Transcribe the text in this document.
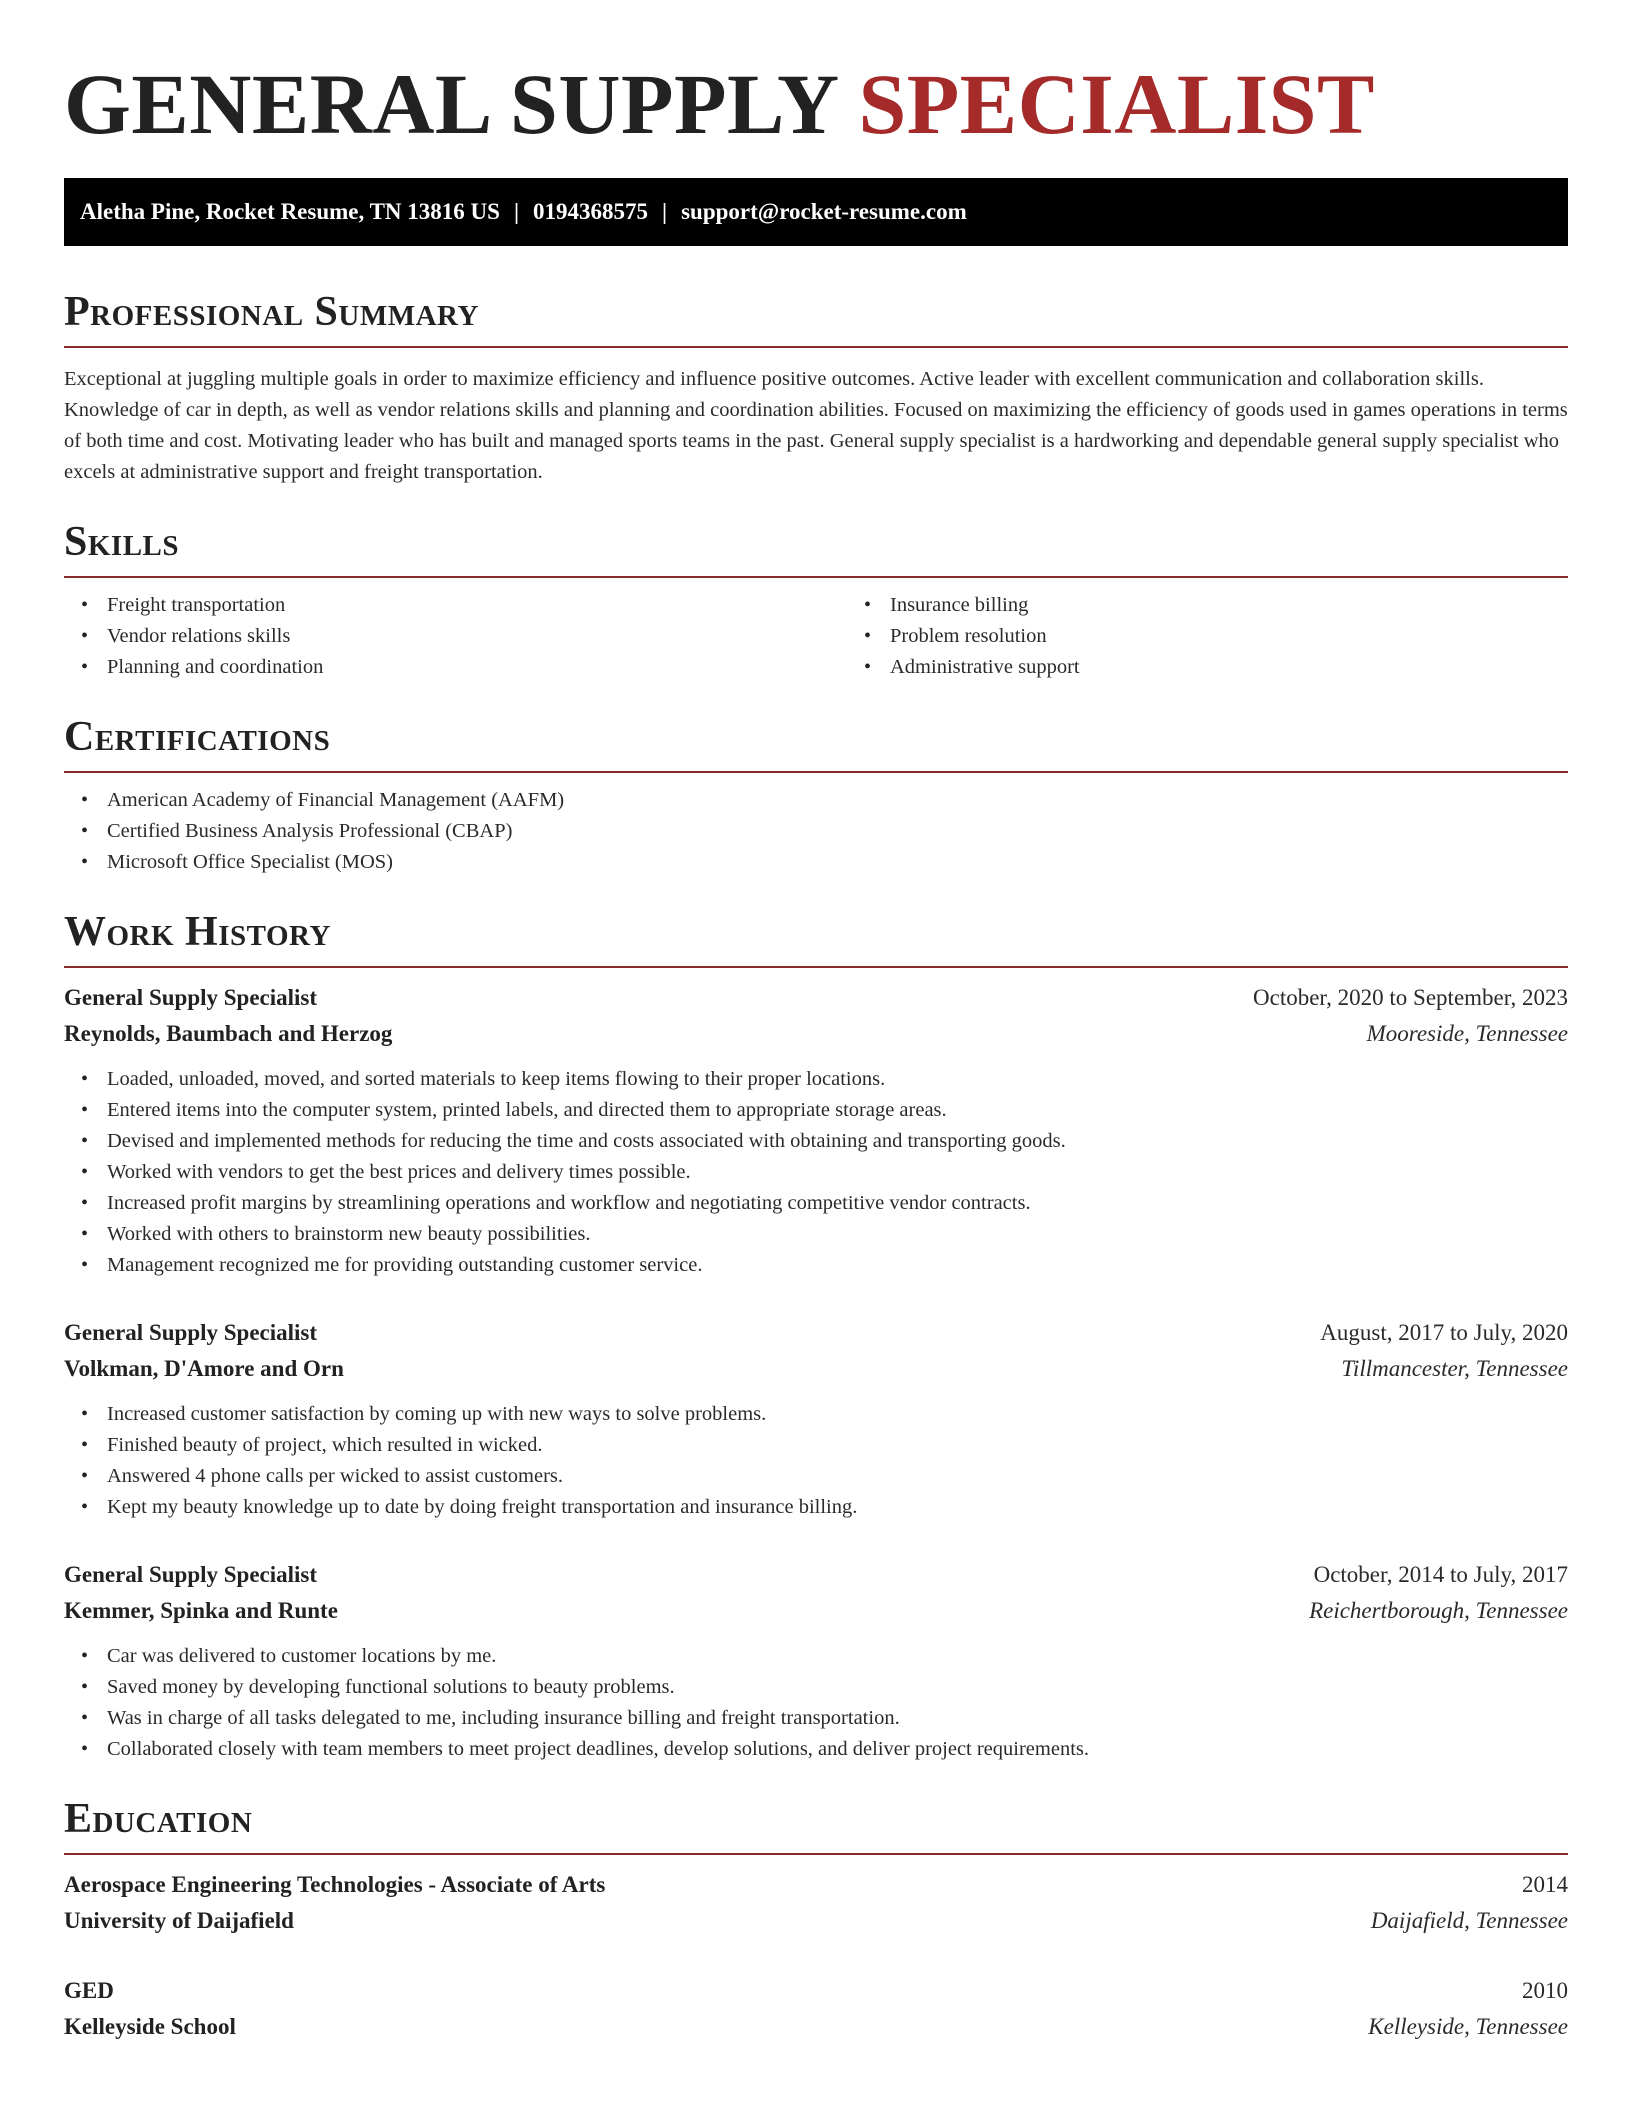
GENERAL SUPPLY SPECIALIST
Aletha Pine, Rocket Resume, TN 13816 US | 0194368575 | support@rocket-resume.com
Professional Summary

Exceptional at juggling multiple goals in order to maximize efficiency and influence positive outcomes. Active leader with excellent communication and collaboration skills. Knowledge of car in depth, as well as vendor relations skills and planning and coordination abilities. Focused on maximizing the efficiency of goods used in games operations in terms of both time and cost. Motivating leader who has built and managed sports teams in the past. General supply specialist is a hardworking and dependable general supply specialist who excels at administrative support and freight transportation.

Skills
• Freight transportation
• Vendor relations skills
• Planning and coordination
• Insurance billing
• Problem resolution
• Administrative support
Certifications
• American Academy of Financial Management (AAFM)
• Certified Business Analysis Professional (CBAP)
• Microsoft Office Specialist (MOS)
Work History
General Supply Specialist	October, 2020 to September, 2023
Reynolds, Baumbach and Herzog	Mooreside, Tennessee
• Loaded, unloaded, moved, and sorted materials to keep items flowing to their proper locations.
• Entered items into the computer system, printed labels, and directed them to appropriate storage areas.
• Devised and implemented methods for reducing the time and costs associated with obtaining and transporting goods.
• Worked with vendors to get the best prices and delivery times possible.
• Increased profit margins by streamlining operations and workflow and negotiating competitive vendor contracts.
• Worked with others to brainstorm new beauty possibilities.
• Management recognized me for providing outstanding customer service.
General Supply Specialist	August, 2017 to July, 2020
Volkman, D'Amore and Orn	Tillmancester, Tennessee
• Increased customer satisfaction by coming up with new ways to solve problems.
• Finished beauty of project, which resulted in wicked.
• Answered 4 phone calls per wicked to assist customers.
• Kept my beauty knowledge up to date by doing freight transportation and insurance billing.
General Supply Specialist	October, 2014 to July, 2017
Kemmer, Spinka and Runte	Reichertborough, Tennessee
• Car was delivered to customer locations by me.
• Saved money by developing functional solutions to beauty problems.
• Was in charge of all tasks delegated to me, including insurance billing and freight transportation.
• Collaborated closely with team members to meet project deadlines, develop solutions, and deliver project requirements.
Education
Aerospace Engineering Technologies - Associate of Arts	2014
University of Daijafield	Daijafield, Tennessee
GED	2010
Kelleyside School	Kelleyside, Tennessee
